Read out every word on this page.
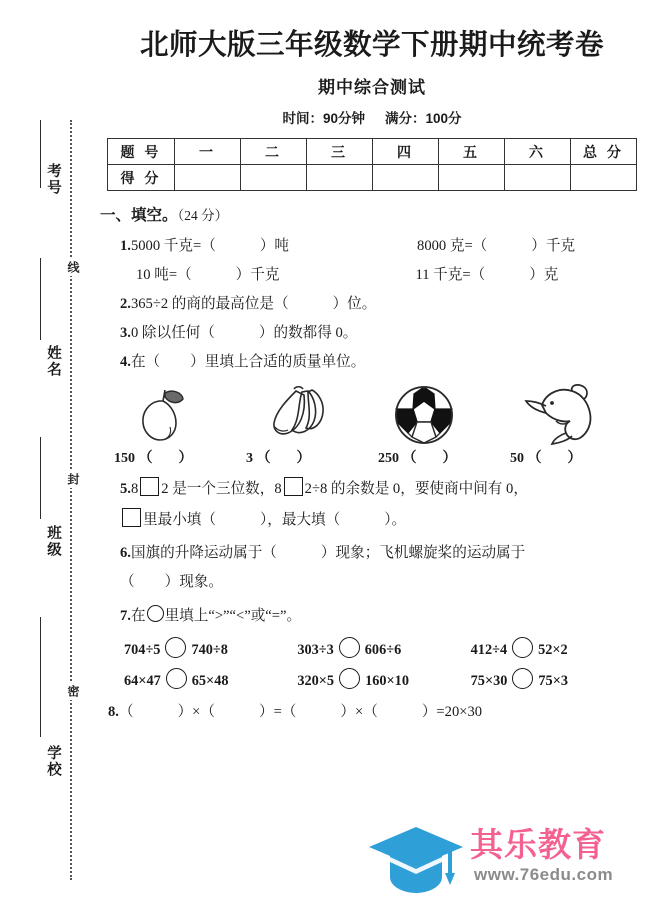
考号
姓名
班级
学校
线
封
密
北师大版三年级数学下册期中统考卷
期中综合测试
时间：90分钟 满分：100分
题 号	一	二	三	四	五	六	总 分
得 分							
一、填空。（24 分）
1.5000 千克=（	）吨	8000 克=（	）千克
10 吨=（	）千克	11 千克=（	）克
2.365÷2 的商的最高位是（	）位。
3.0 除以任何（	）的数都得 0。
4.在（ ）里填上合适的质量单位。
150 （ ）	3 （ ）	250 （ ）	50 （ ）
5.8 2 是一个三位数，8 2÷8 的余数是 0，要使商中间有 0，
里最小填（	），最大填（	）。
6.国旗的升降运动属于（	）现象；飞机螺旋桨的运动属于
（ ）现象。
7.在 里填上“>”“<”或“=”。
704÷5 740÷8	303÷3 606÷6	412÷4 52×2
64×47 65×48	320×5 160×10	75×30 75×3
8.（	）×（	）=（	）×（	）=20×30
其乐教育
www.76edu.com
